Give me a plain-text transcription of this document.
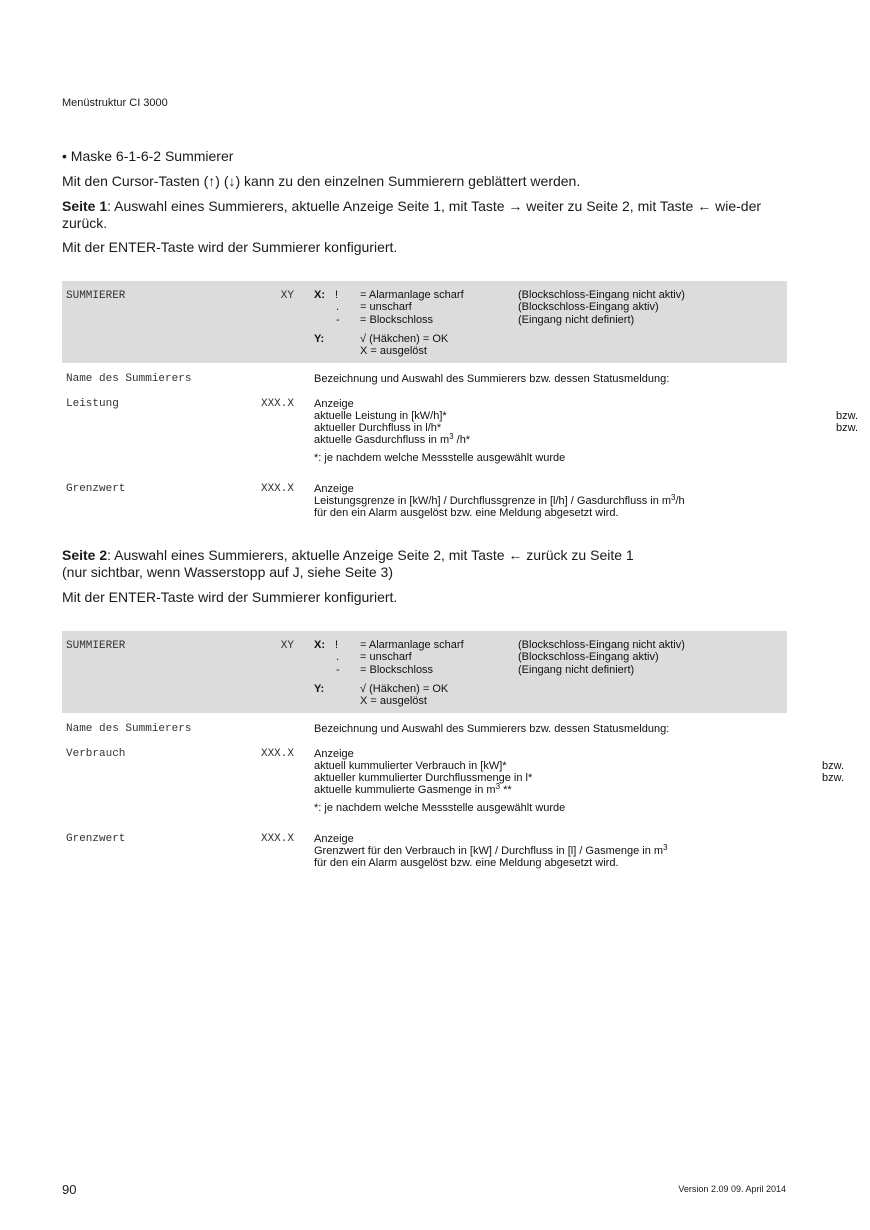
Menüstruktur CI 3000
• Maske 6-1-6-2 Summierer
Mit den Cursor-Tasten (↑) (↓) kann zu den einzelnen Summierern geblättert werden.
Seite 1: Auswahl eines Summierers, aktuelle Anzeige Seite 1, mit Taste → weiter zu Seite 2, mit Taste ← wie-der zurück.
Mit der ENTER-Taste wird der Summierer konfiguriert.
SUMMIERER	XY X: !
.
-
= Alarmanlage scharf
= unscharf
= Blockschloss
(Blockschloss-Eingang nicht aktiv)
(Blockschloss-Eingang aktiv)
(Eingang nicht definiert)
Y:	√ (Häkchen) = OK
X = ausgelöst
Name des Summierers	Bezeichnung und Auswahl des Summierers bzw. dessen Statusmeldung:
Leistung	XXX.X Anzeige
aktuelle Leistung in [kW/h]*
aktueller Durchfluss in l/h*
aktuelle Gasdurchfluss in $m^3$ /h*
*: je nachdem welche Messstelle ausgewählt wurde
bzw.
bzw.
Grenzwert	XXX.X Anzeige
Leistungsgrenze in [kW/h] / Durchflussgrenze in [l/h] / Gasdurchfluss in $m^3/h$
für den ein Alarm ausgelöst bzw. eine Meldung abgesetzt wird.
Seite 2: Auswahl eines Summierers, aktuelle Anzeige Seite 2, mit Taste ← zurück zu Seite 1
(nur sichtbar, wenn Wasserstopp auf J, siehe Seite 3)
Mit der ENTER-Taste wird der Summierer konfiguriert.
SUMMIERER	XY X: !
.
-
= Alarmanlage scharf
= unscharf
= Blockschloss
(Blockschloss-Eingang nicht aktiv)
(Blockschloss-Eingang aktiv)
(Eingang nicht definiert)
Y:	√ (Häkchen) = OK
X = ausgelöst
Name des Summierers	Bezeichnung und Auswahl des Summierers bzw. dessen Statusmeldung:
Verbrauch	XXX.X Anzeige
aktuell kummulierter Verbrauch in [kW]*
aktueller kummulierter Durchflussmenge in l*
aktuelle kummulierte Gasmenge in $m^3$ **
*: je nachdem welche Messstelle ausgewählt wurde
bzw.
bzw.
Grenzwert	XXX.X Anzeige
Grenzwert für den Verbrauch in [kW] / Durchfluss in [l] / Gasmenge in $m^3$
für den ein Alarm ausgelöst bzw. eine Meldung abgesetzt wird.
90	Version 2.09 09. April 2014
